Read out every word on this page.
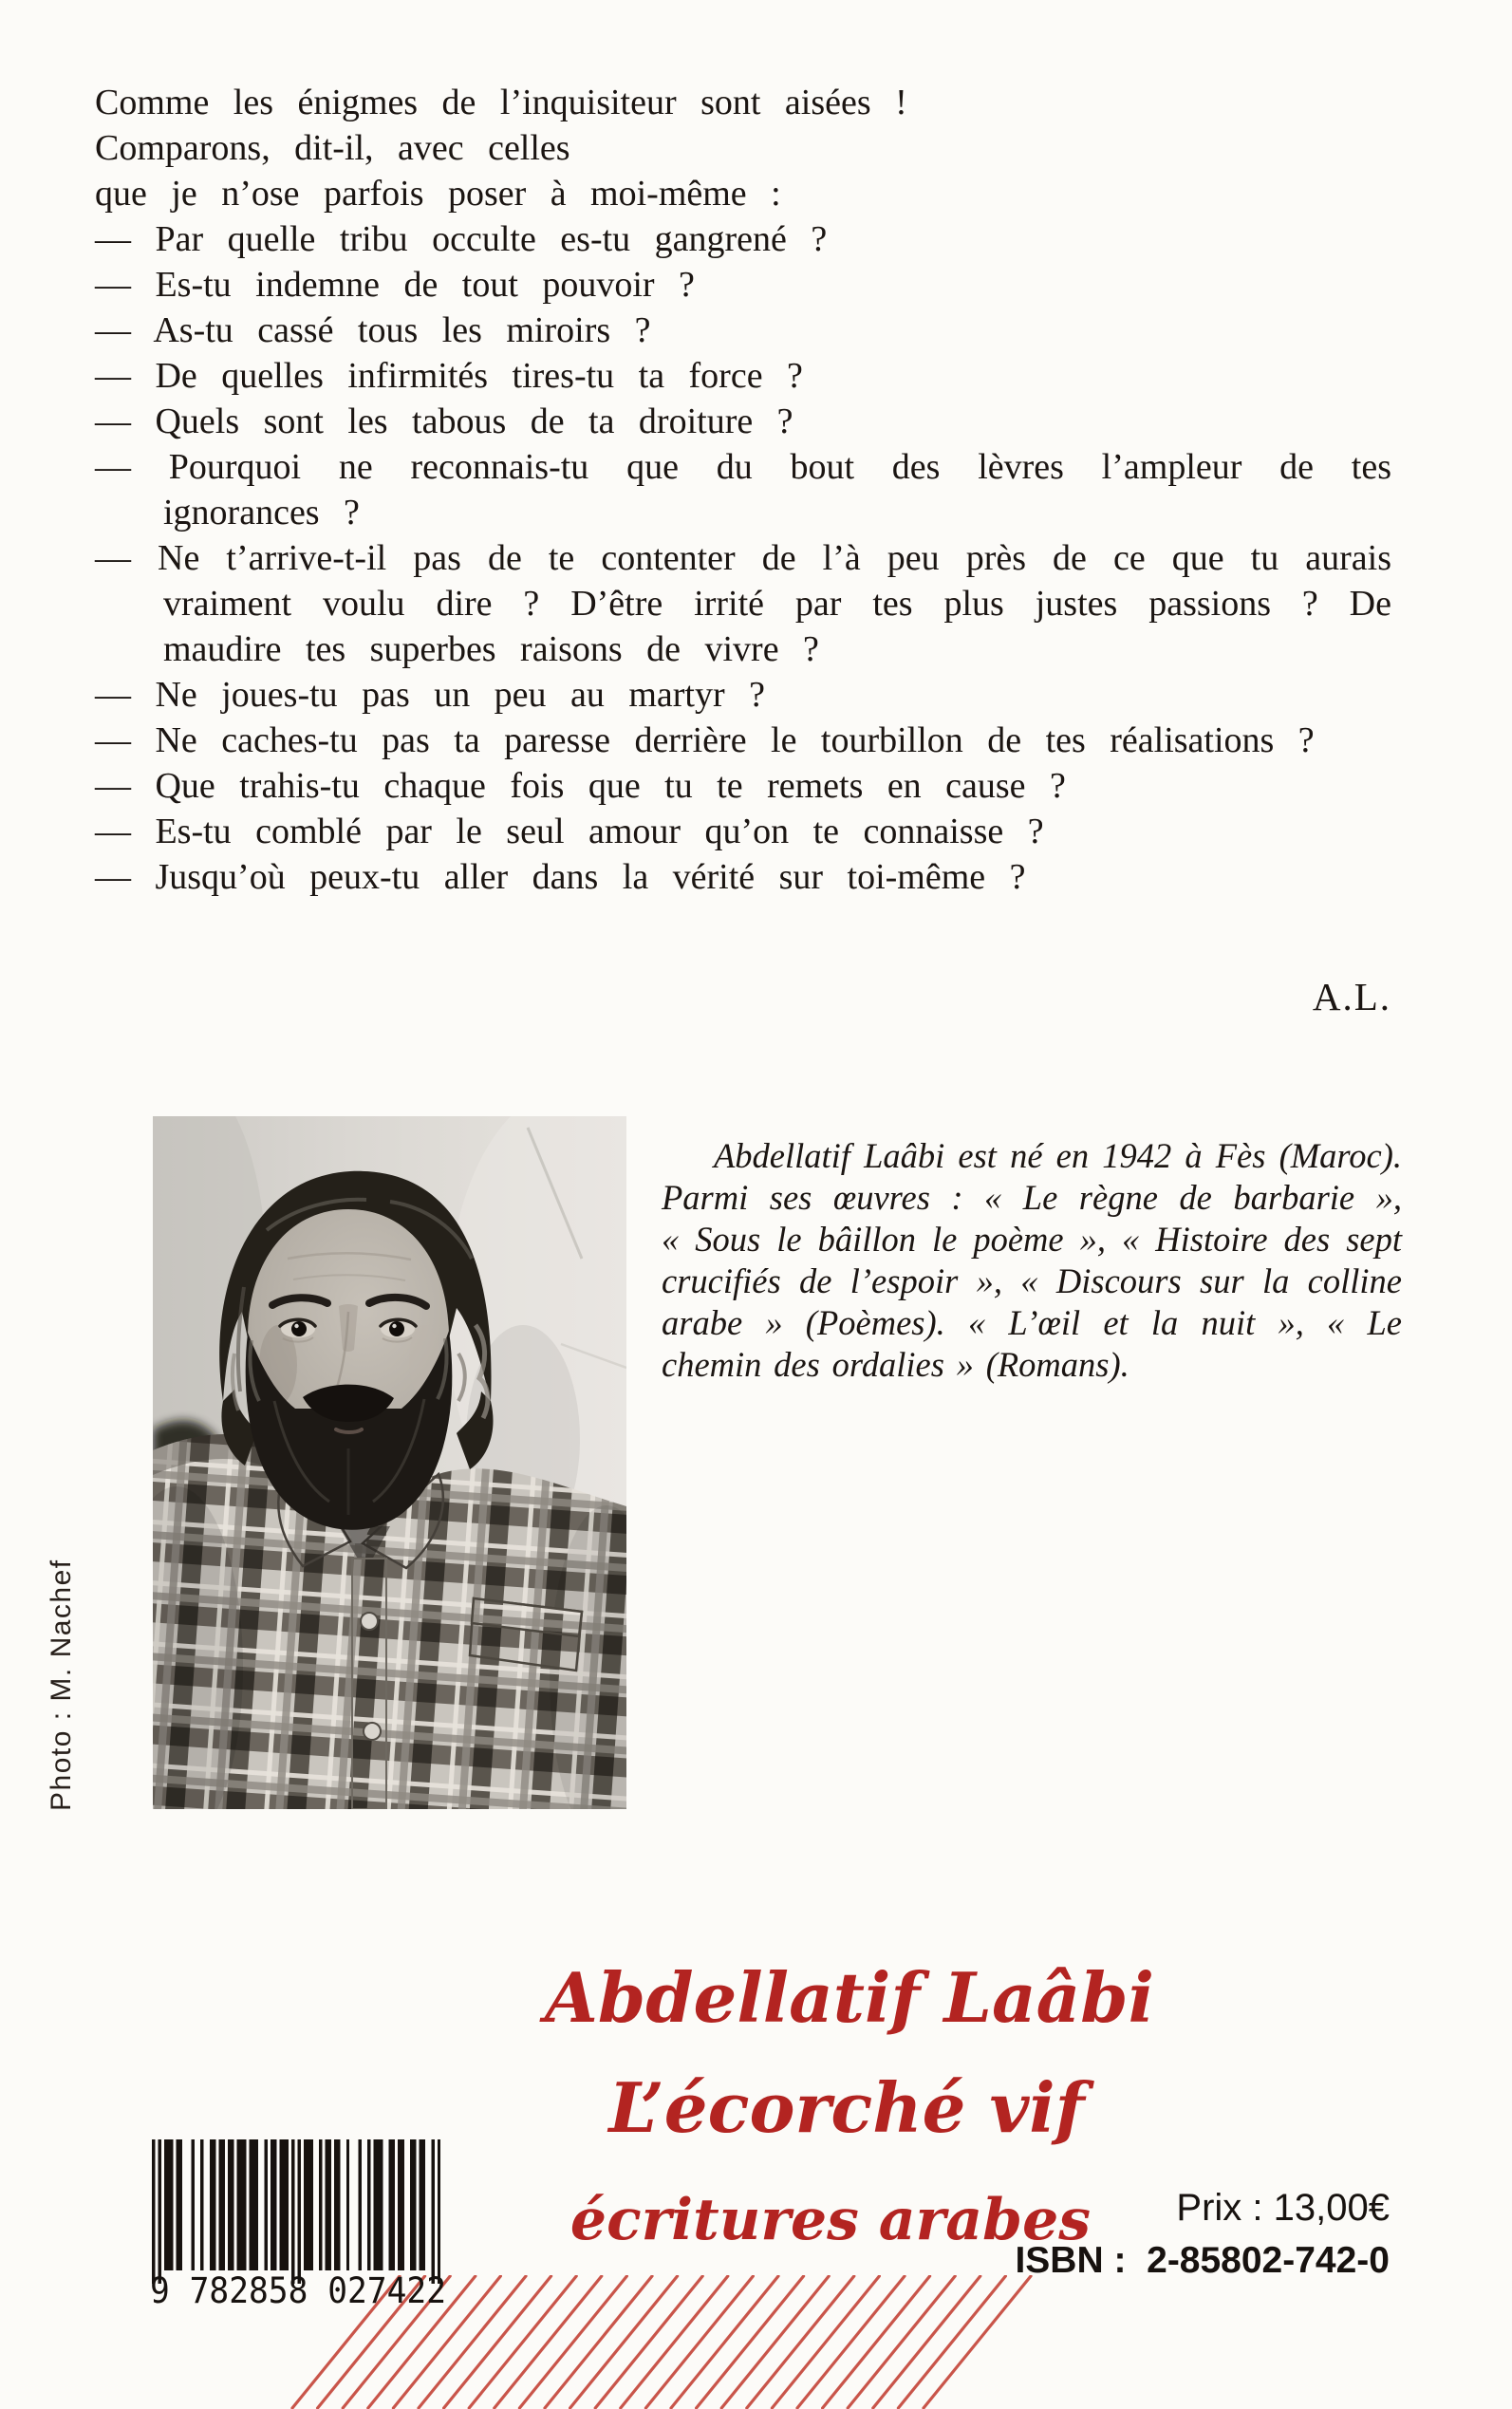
Comme les énigmes de l’inquisiteur sont aisées !

Comparons, dit-il, avec celles

que je n’ose parfois poser à moi-même :

— Par quelle tribu occulte es-tu gangrené ?

— Es-tu indemne de tout pouvoir ?

— As-tu cassé tous les miroirs ?

— De quelles infirmités tires-tu ta force ?

— Quels sont les tabous de ta droiture ?

— Pourquoi ne reconnais-tu que du bout des lèvres l’ampleur de tes ignorances ?

— Ne t’arrive-t-il pas de te contenter de l’à peu près de ce que tu aurais vraiment voulu dire ? D’être irrité par tes plus justes passions ? De maudire tes superbes raisons de vivre ?

— Ne joues-tu pas un peu au martyr ?

— Ne caches-tu pas ta paresse derrière le tourbillon de tes réalisations ?

— Que trahis-tu chaque fois que tu te remets en cause ?

— Es-tu comblé par le seul amour qu’on te connaisse ?

— Jusqu’où peux-tu aller dans la vérité sur toi-même ?

A.L.
Photo : M. Nachef
Abdellatif Laâbi est né en 1942 à Fès (Maroc). Parmi ses œuvres : « Le règne de barbarie », « Sous le bâillon le poème », « Histoire des sept crucifiés de l’espoir », « Discours sur la colline arabe » (Poèmes). « L’œil et la nuit », « Le chemin des ordalies » (Romans).
Abdellatif Laâbi
L’écorché vif
écritures arabes
9 782858 027422
Prix : 13,00€
ISBN :  2-85802-742-0
